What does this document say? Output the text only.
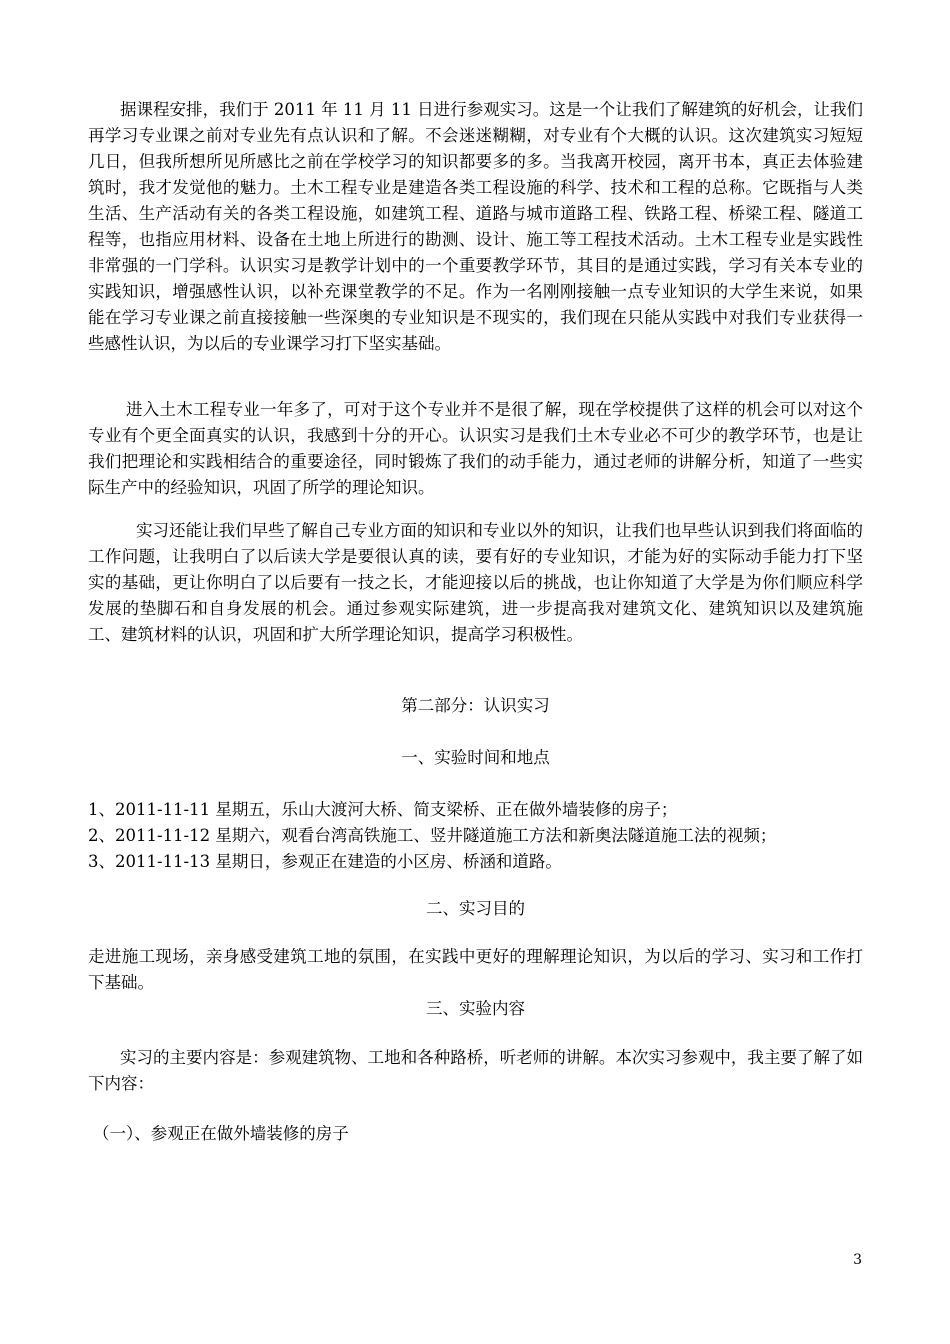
据课程安排，我们于 2011 年 11 月 11 日进行参观实习。这是一个让我们了解建筑的好机会，让我们再学习专业课之前对专业先有点认识和了解。不会迷迷糊糊，对专业有个大概的认识。这次建筑实习短短几日，但我所想所见所感比之前在学校学习的知识都要多的多。当我离开校园，离开书本，真正去体验建筑时，我才发觉他的魅力。土木工程专业是建造各类工程设施的科学、技术和工程的总称。它既指与人类生活、生产活动有关的各类工程设施，如建筑工程、道路与城市道路工程、铁路工程、桥梁工程、隧道工程等，也指应用材料、设备在土地上所进行的勘测、设计、施工等工程技术活动。土木工程专业是实践性非常强的一门学科。认识实习是教学计划中的一个重要教学环节，其目的是通过实践，学习有关本专业的实践知识，增强感性认识，以补充课堂教学的不足。作为一名刚刚接触一点专业知识的大学生来说，如果能在学习专业课之前直接接触一些深奥的专业知识是不现实的，我们现在只能从实践中对我们专业获得一些感性认识，为以后的专业课学习打下坚实基础。

进入土木工程专业一年多了，可对于这个专业并不是很了解，现在学校提供了这样的机会可以对这个专业有个更全面真实的认识，我感到十分的开心。认识实习是我们土木专业必不可少的教学环节，也是让我们把理论和实践相结合的重要途径，同时锻炼了我们的动手能力，通过老师的讲解分析，知道了一些实际生产中的经验知识，巩固了所学的理论知识。

实习还能让我们早些了解自己专业方面的知识和专业以外的知识，让我们也早些认识到我们将面临的工作问题，让我明白了以后读大学是要很认真的读，要有好的专业知识，才能为好的实际动手能力打下坚实的基础，更让你明白了以后要有一技之长，才能迎接以后的挑战，也让你知道了大学是为你们顺应科学发展的垫脚石和自身发展的机会。通过参观实际建筑，进一步提高我对建筑文化、建筑知识以及建筑施工、建筑材料的认识，巩固和扩大所学理论知识，提高学习积极性。

第二部分：认识实习

一、实验时间和地点

1、2011-11-11 星期五，乐山大渡河大桥、简支梁桥、正在做外墙装修的房子；

2、2011-11-12 星期六，观看台湾高铁施工、竖井隧道施工方法和新奥法隧道施工法的视频；

3、2011-11-13 星期日，参观正在建造的小区房、桥涵和道路。

二、实习目的

走进施工现场，亲身感受建筑工地的氛围，在实践中更好的理解理论知识，为以后的学习、实习和工作打下基础。

三、实验内容

实习的主要内容是：参观建筑物、工地和各种路桥，听老师的讲解。本次实习参观中，我主要了解了如下内容：

（一）、参观正在做外墙装修的房子

3
